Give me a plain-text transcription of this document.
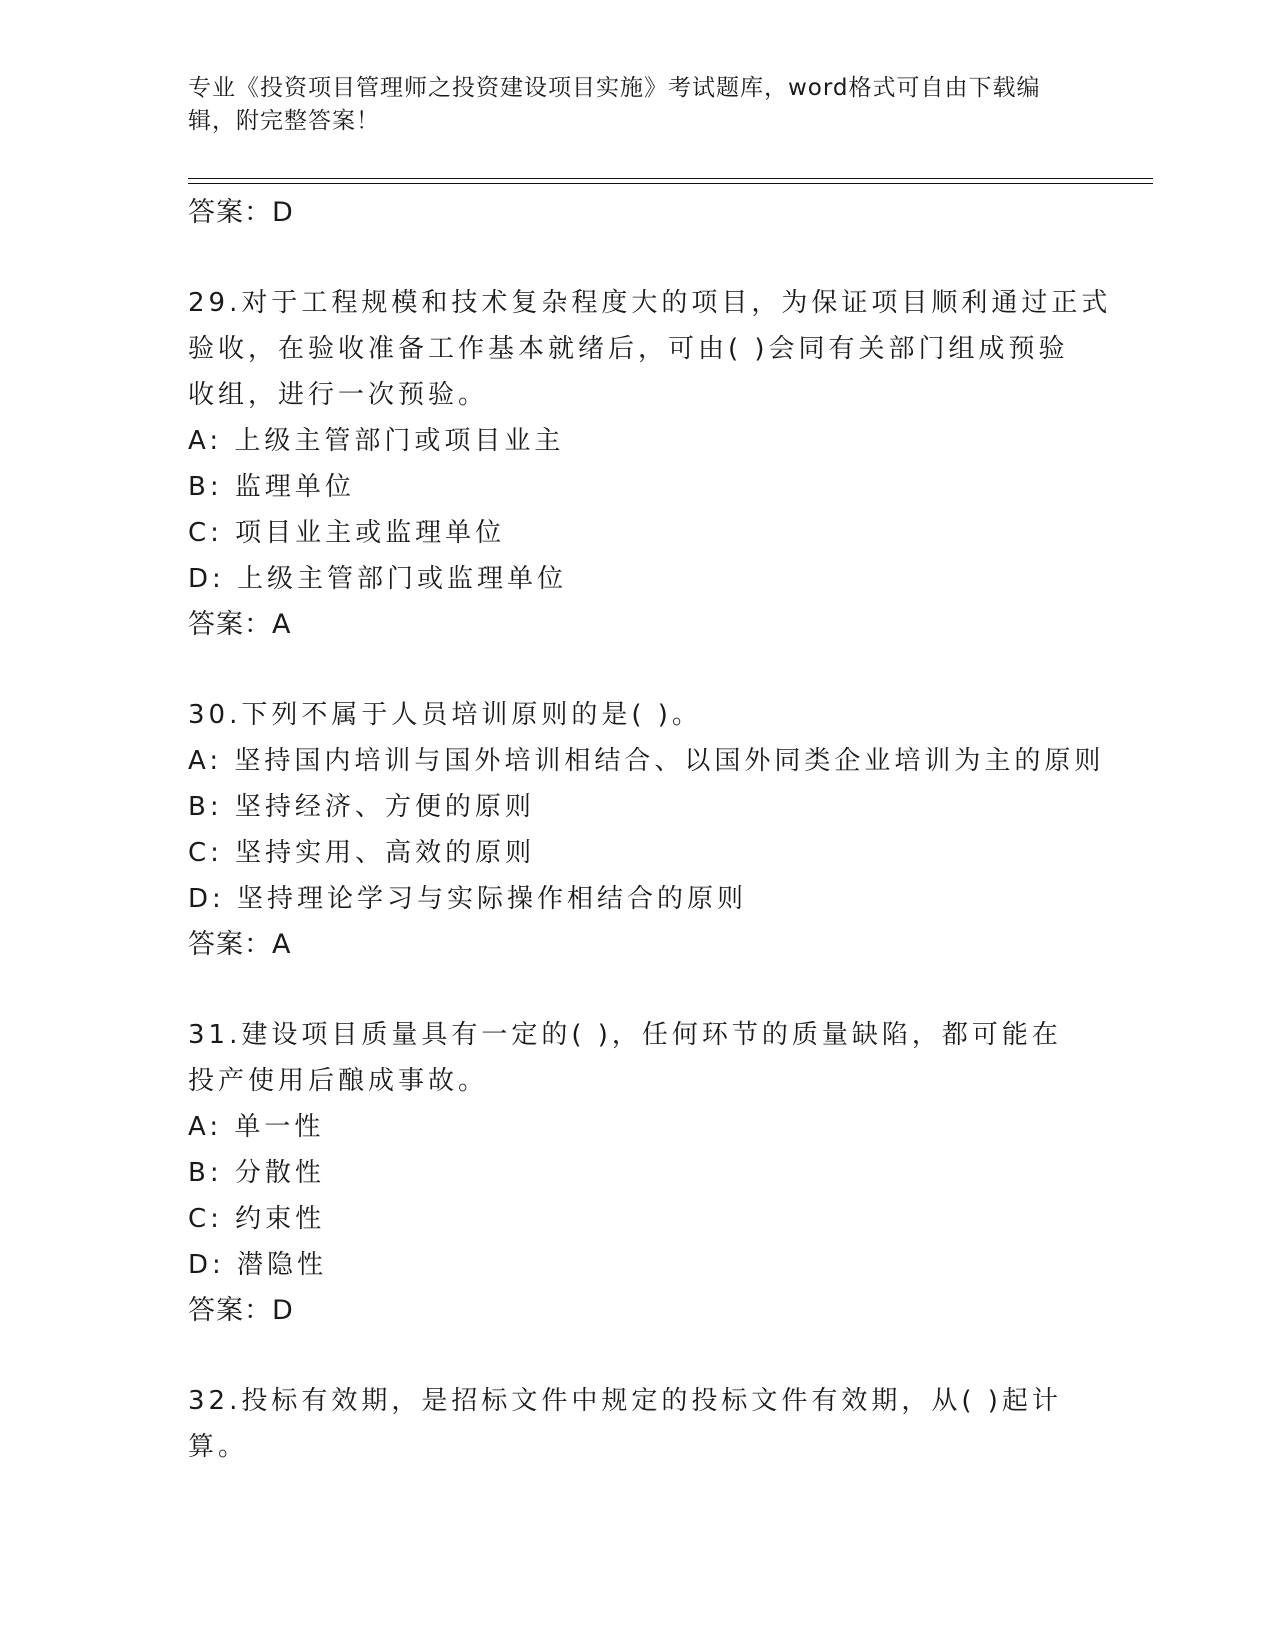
专业《投资项目管理师之投资建设项目实施》考试题库，word格式可自由下载编
辑，附完整答案！
答案：D
29.对于工程规模和技术复杂程度大的项目，为保证项目顺利通过正式
验收，在验收准备工作基本就绪后，可由( )会同有关部门组成预验
收组，进行一次预验。
A: 上级主管部门或项目业主
B: 监理单位
C: 项目业主或监理单位
D: 上级主管部门或监理单位
答案：A
30.下列不属于人员培训原则的是( )。
A: 坚持国内培训与国外培训相结合、以国外同类企业培训为主的原则
B: 坚持经济、方便的原则
C: 坚持实用、高效的原则
D: 坚持理论学习与实际操作相结合的原则
答案：A
31.建设项目质量具有一定的( )，任何环节的质量缺陷，都可能在
投产使用后酿成事故。
A: 单一性
B: 分散性
C: 约束性
D: 潜隐性
答案：D
32.投标有效期，是招标文件中规定的投标文件有效期，从( )起计
算。
